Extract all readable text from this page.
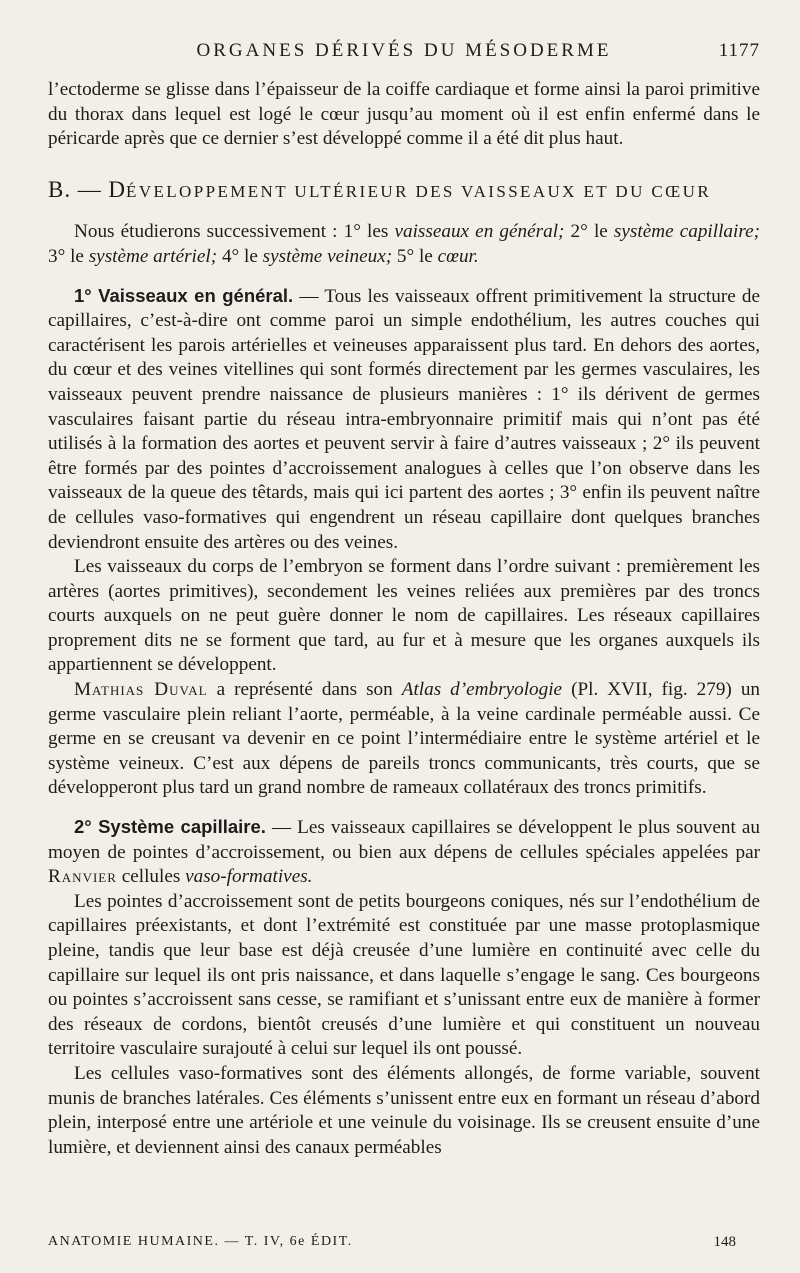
ORGANES DÉRIVÉS DU MÉSODERME	1177

l’ectoderme se glisse dans l’épaisseur de la coiffe cardiaque et forme ainsi la paroi primitive du thorax dans lequel est logé le cœur jusqu’au moment où il est enfin enfermé dans le péricarde après que ce dernier s’est développé comme il a été dit plus haut.

B. — DÉVELOPPEMENT ULTÉRIEUR DES VAISSEAUX ET DU CŒUR

Nous étudierons successivement : 1° les vaisseaux en général; 2° le système capillaire; 3° le système artériel; 4° le système veineux; 5° le cœur.

1° Vaisseaux en général. — Tous les vaisseaux offrent primitivement la structure de capillaires, c’est-à-dire ont comme paroi un simple endothélium, les autres couches qui caractérisent les parois artérielles et veineuses apparaissent plus tard. En dehors des aortes, du cœur et des veines vitellines qui sont formés directement par les germes vasculaires, les vaisseaux peuvent prendre naissance de plusieurs manières : 1° ils dérivent de germes vasculaires faisant partie du réseau intra-embryonnaire primitif mais qui n’ont pas été utilisés à la formation des aortes et peuvent servir à faire d’autres vaisseaux ; 2° ils peuvent être formés par des pointes d’accroissement analogues à celles que l’on observe dans les vaisseaux de la queue des têtards, mais qui ici partent des aortes ; 3° enfin ils peuvent naître de cellules vaso-formatives qui engendrent un réseau capillaire dont quelques branches deviendront ensuite des artères ou des veines.

Les vaisseaux du corps de l’embryon se forment dans l’ordre suivant : premièrement les artères (aortes primitives), secondement les veines reliées aux premières par des troncs courts auxquels on ne peut guère donner le nom de capillaires. Les réseaux capillaires proprement dits ne se forment que tard, au fur et à mesure que les organes auxquels ils appartiennent se développent.

Mathias Duval a représenté dans son Atlas d’embryologie (Pl. XVII, fig. 279) un germe vasculaire plein reliant l’aorte, perméable, à la veine cardinale perméable aussi. Ce germe en se creusant va devenir en ce point l’intermédiaire entre le système artériel et le système veineux. C’est aux dépens de pareils troncs communicants, très courts, que se développeront plus tard un grand nombre de rameaux collatéraux des troncs primitifs.

2° Système capillaire. — Les vaisseaux capillaires se développent le plus souvent au moyen de pointes d’accroissement, ou bien aux dépens de cellules spéciales appelées par Ranvier cellules vaso-formatives.

Les pointes d’accroissement sont de petits bourgeons coniques, nés sur l’endothélium de capillaires préexistants, et dont l’extrémité est constituée par une masse protoplasmique pleine, tandis que leur base est déjà creusée d’une lumière en continuité avec celle du capillaire sur lequel ils ont pris naissance, et dans laquelle s’engage le sang. Ces bourgeons ou pointes s’accroissent sans cesse, se ramifiant et s’unissant entre eux de manière à former des réseaux de cordons, bientôt creusés d’une lumière et qui constituent un nouveau territoire vasculaire surajouté à celui sur lequel ils ont poussé.

Les cellules vaso-formatives sont des éléments allongés, de forme variable, souvent munis de branches latérales. Ces éléments s’unissent entre eux en formant un réseau d’abord plein, interposé entre une artériole et une veinule du voisinage. Ils se creusent ensuite d’une lumière, et deviennent ainsi des canaux perméables

ANATOMIE HUMAINE. — T. IV, 6e ÉDIT.	148
